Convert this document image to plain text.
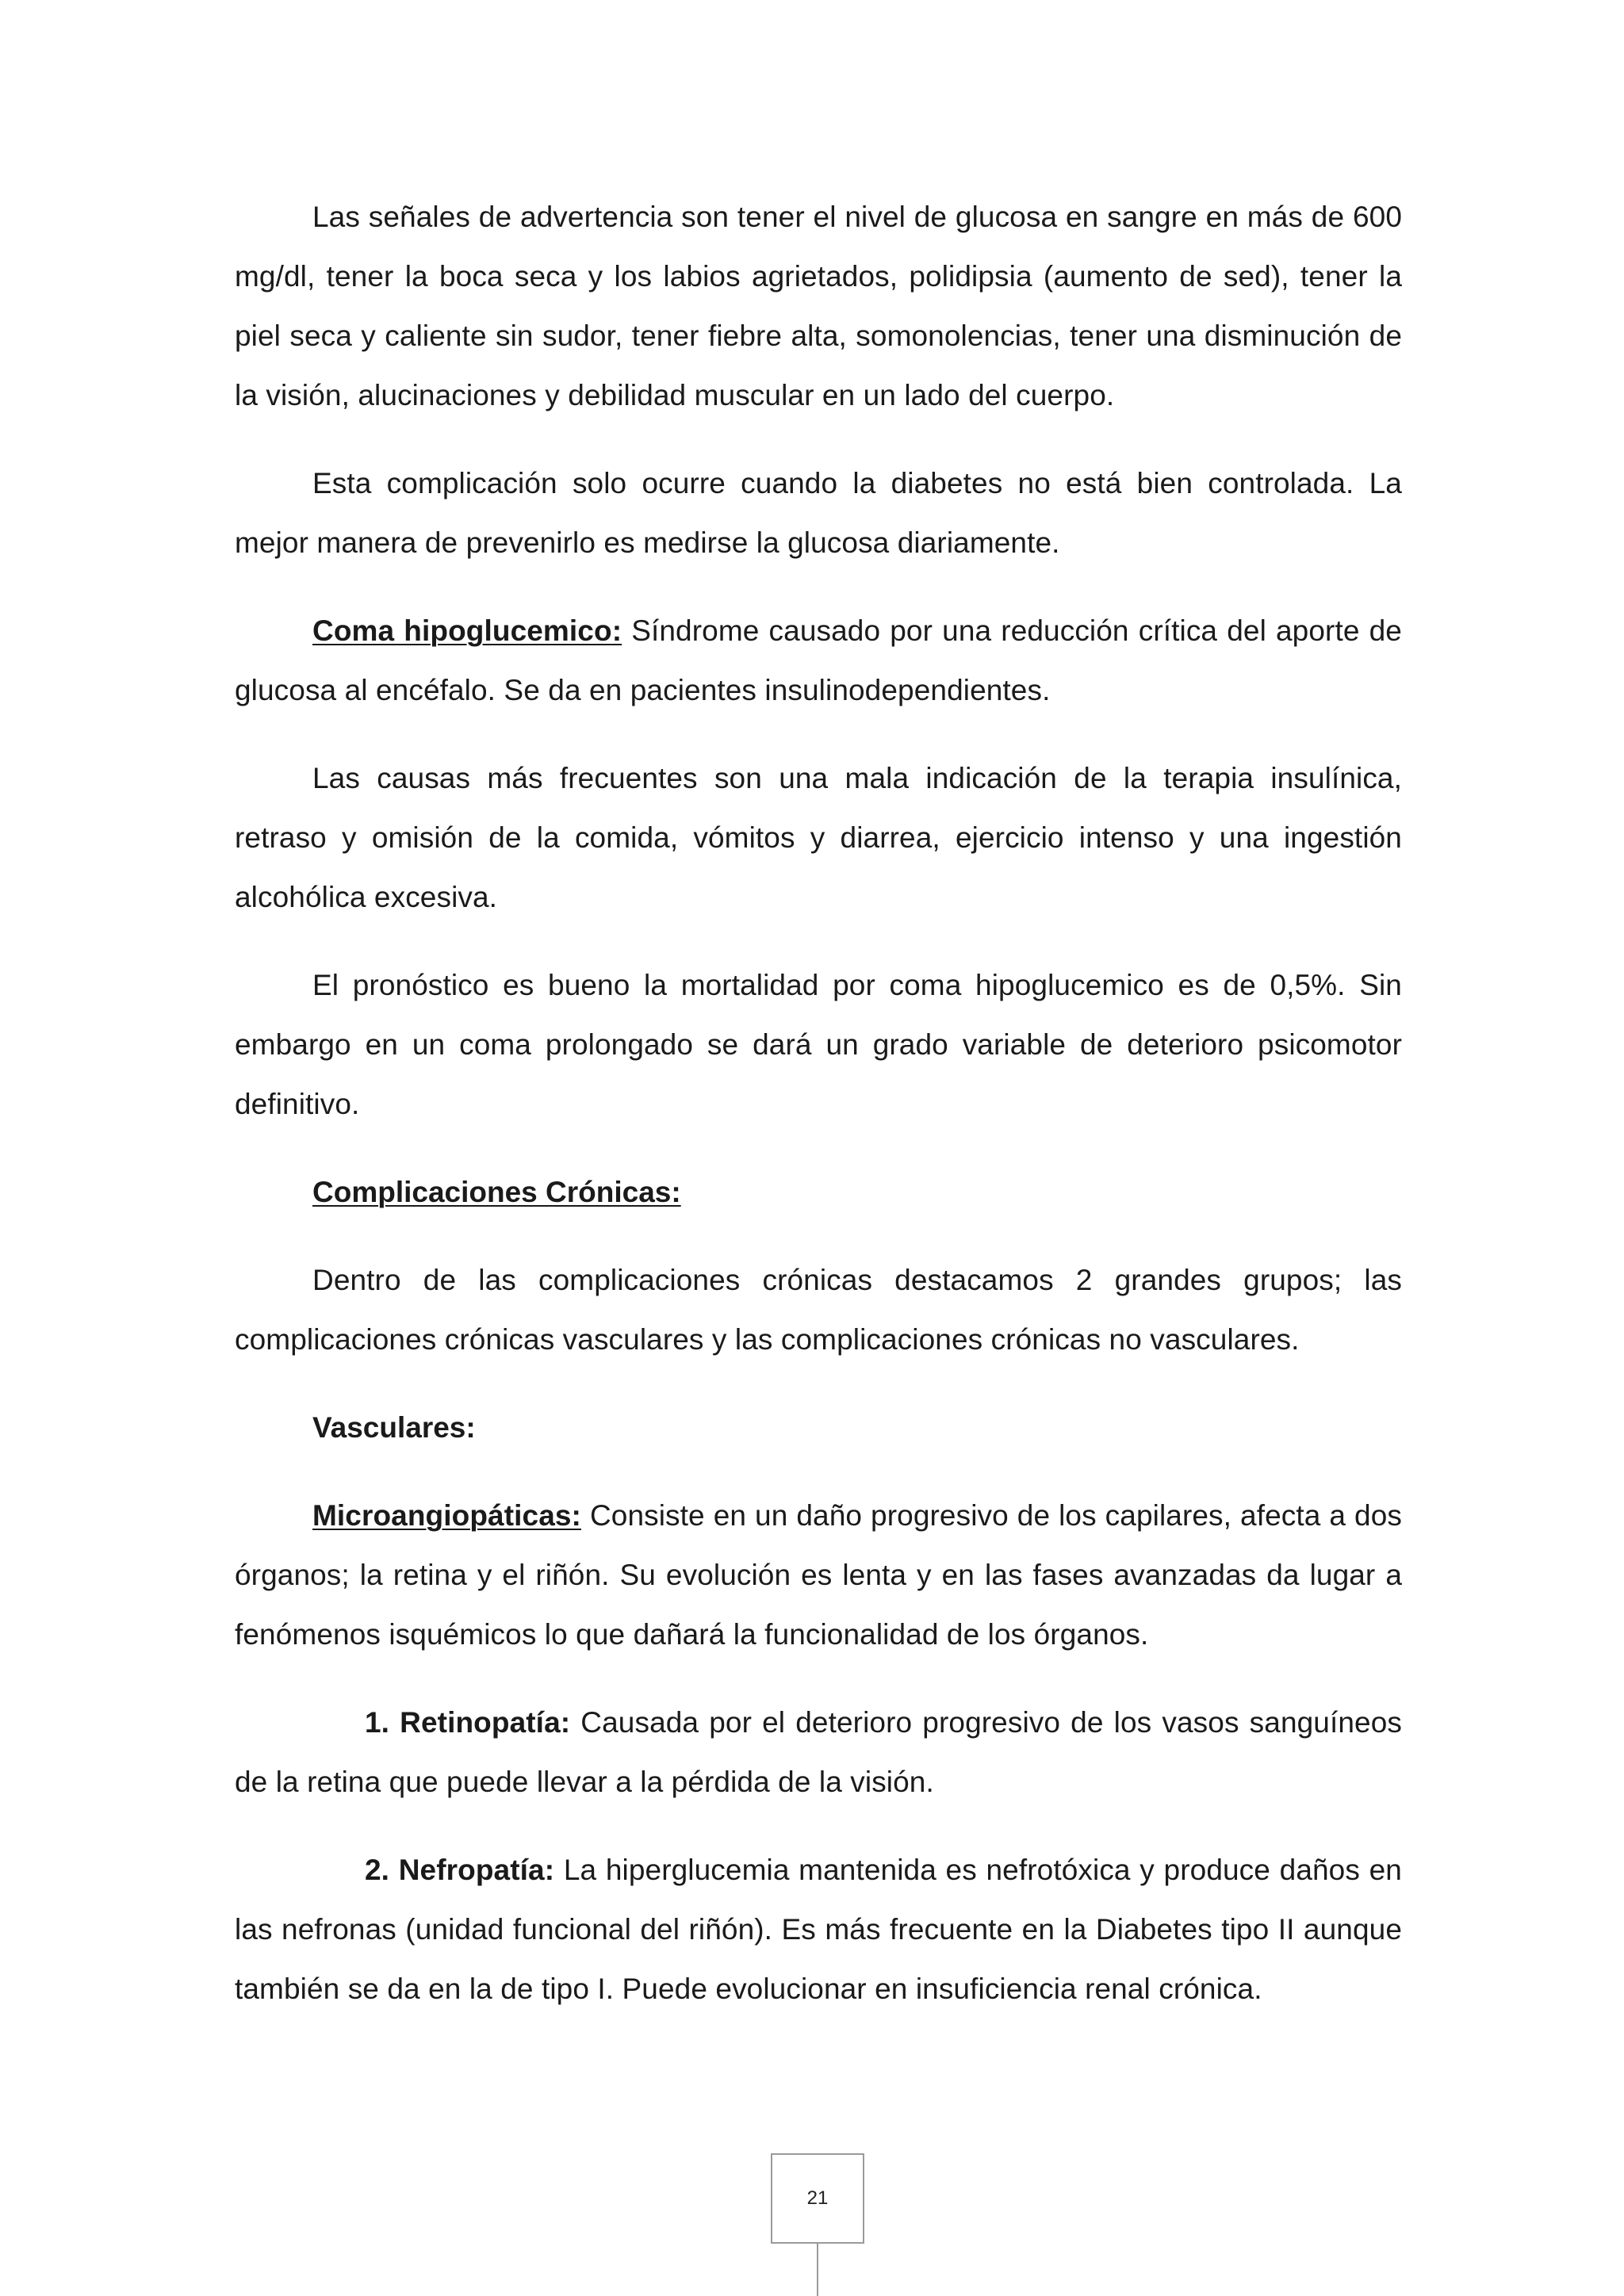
Las señales de advertencia son tener el nivel de glucosa en sangre en más de 600 mg/dl, tener la boca seca y los labios agrietados, polidipsia (aumento de sed), tener la piel seca y caliente sin sudor, tener fiebre alta, somonolencias, tener una disminución de la visión, alucinaciones y debilidad muscular en un lado del cuerpo.

Esta complicación solo ocurre cuando la diabetes no está bien controlada. La mejor manera de prevenirlo es medirse la glucosa diariamente.

Coma hipoglucemico: Síndrome causado por una reducción crítica del aporte de glucosa al encéfalo. Se da en pacientes insulinodependientes.

Las causas más frecuentes son una mala indicación de la terapia insulínica, retraso y omisión de la comida, vómitos y diarrea, ejercicio intenso y una ingestión alcohólica excesiva.

El pronóstico es bueno la mortalidad por coma hipoglucemico es de 0,5%. Sin embargo en un coma prolongado se dará un grado variable de deterioro psicomotor definitivo.

Complicaciones Crónicas:

Dentro de las complicaciones crónicas destacamos 2 grandes grupos; las complicaciones crónicas vasculares y las complicaciones crónicas no vasculares.

Vasculares:

Microangiopáticas: Consiste en un daño progresivo de los capilares, afecta a dos órganos; la retina y el riñón. Su evolución es lenta y en las fases avanzadas da lugar a fenómenos isquémicos lo que dañará la funcionalidad de los órganos.

1. Retinopatía: Causada por el deterioro progresivo de los vasos sanguíneos de la retina que puede llevar a la pérdida de la visión.

2. Nefropatía: La hiperglucemia mantenida es nefrotóxica y produce daños en las nefronas (unidad funcional del riñón). Es más frecuente en la Diabetes tipo II aunque también se da en la de tipo I. Puede evolucionar en insuficiencia renal crónica.

21
